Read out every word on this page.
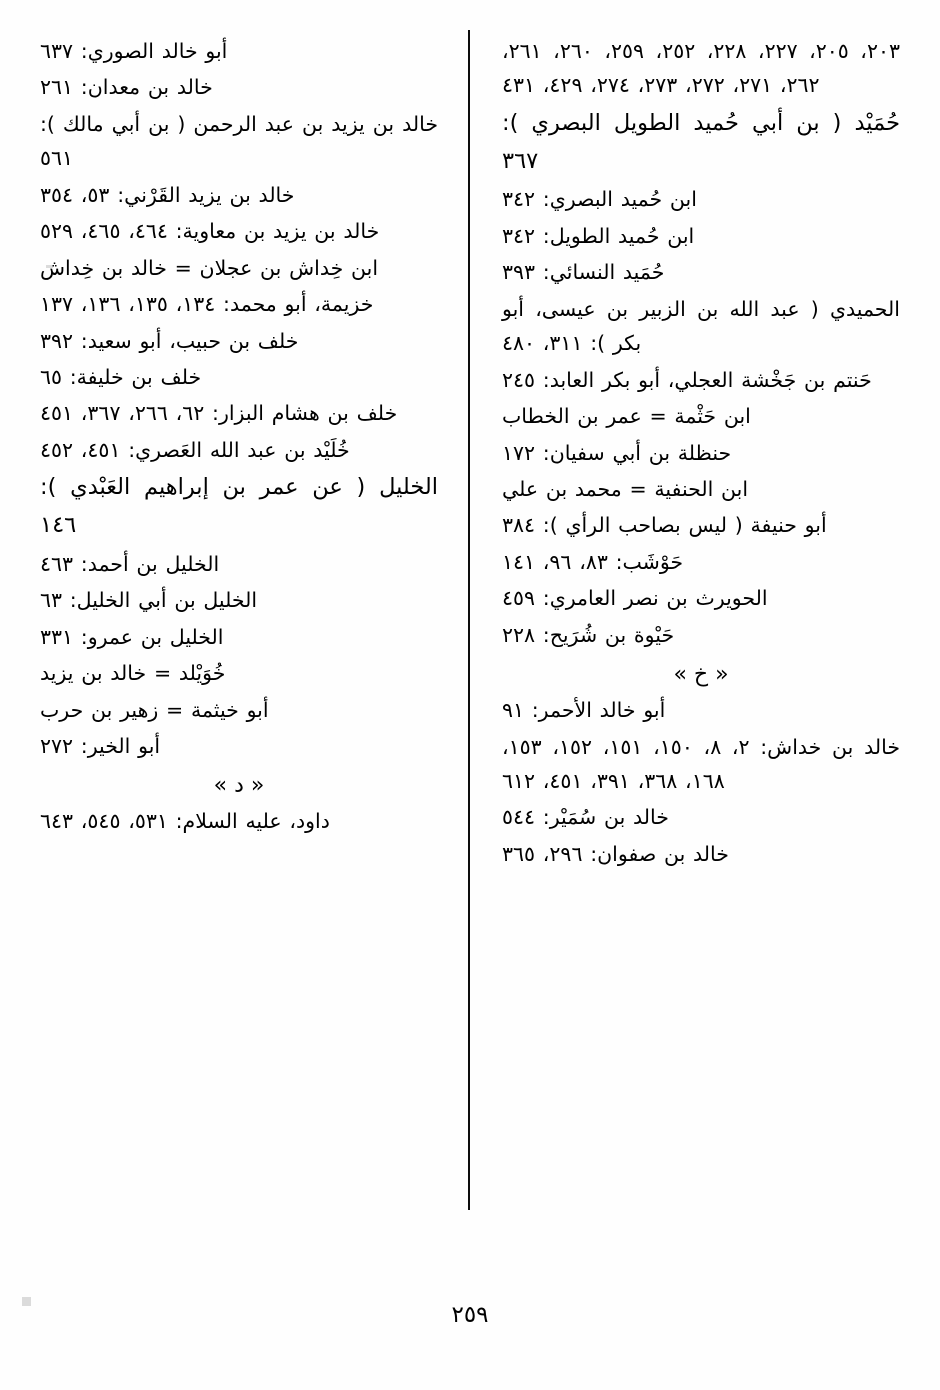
٢٠٣، ٢٠٥، ٢٢٧، ٢٢٨، ٢٥٢، ٢٥٩، ٢٦٠، ٢٦١، ٢٦٢، ٢٧١، ٢٧٢، ٢٧٣، ٢٧٤، ٤٢٩، ٤٣١

حُمَيْد ( بن أبي حُميد الطويل البصري ): ٣٦٧

ابن حُميد البصري: ٣٤٢

ابن حُميد الطويل: ٣٤٢

حُمَيد النسائي: ٣٩٣

الحميدي ( عبد الله بن الزبير بن عيسى، أبو بكر ): ٣١١، ٤٨٠

حَنتم بن جَخْشة العجلي، أبو بكر العابد: ٢٤٥

ابن حَثْمة = عمر بن الخطاب

حنظلة بن أبي سفيان: ١٧٢

ابن الحنفية = محمد بن علي

أبو حنيفة ( ليس بصاحب الرأي ): ٣٨٤

حَوْشَب: ٨٣، ٩٦، ١٤١

الحويرث بن نصر العامري: ٤٥٩

حَيْوة بن شُرَيح: ٢٢٨

« خ »

أبو خالد الأحمر: ٩١

خالد بن خداش: ٢، ٨، ١٥٠، ١٥١، ١٥٢، ١٥٣، ١٦٨، ٣٦٨، ٣٩١، ٤٥١، ٦١٢

خالد بن سُمَيْر: ٥٤٤

خالد بن صفوان: ٢٩٦، ٣٦٥

أبو خالد الصوري: ٦٣٧

خالد بن معدان: ٢٦١

خالد بن يزيد بن عبد الرحمن ( بن أبي مالك ): ٥٦١

خالد بن يزيد القَرْني: ٥٣، ٣٥٤

خالد بن يزيد بن معاوية: ٤٦٤، ٤٦٥، ٥٢٩

ابن خِداش بن عجلان = خالد بن خِداش

خزيمة، أبو محمد: ١٣٤، ١٣٥، ١٣٦، ١٣٧

خلف بن حبيب، أبو سعيد: ٣٩٢

خلف بن خليفة: ٦٥

خلف بن هشام البزار: ٦٢، ٢٦٦، ٣٦٧، ٤٥١

خُلَيْد بن عبد الله العَصري: ٤٥١، ٤٥٢

الخليل ( عن عمر بن إبراهيم العَبْدي ): ١٤٦

الخليل بن أحمد: ٤٦٣

الخليل بن أبي الخليل: ٦٣

الخليل بن عمرو: ٣٣١

خُوَيْلد = خالد بن يزيد

أبو خيثمة = زهير بن حرب

أبو الخير: ٢٧٢

« د »

داود، عليه السلام: ٥٣١، ٥٤٥، ٦٤٣

٢٥٩
